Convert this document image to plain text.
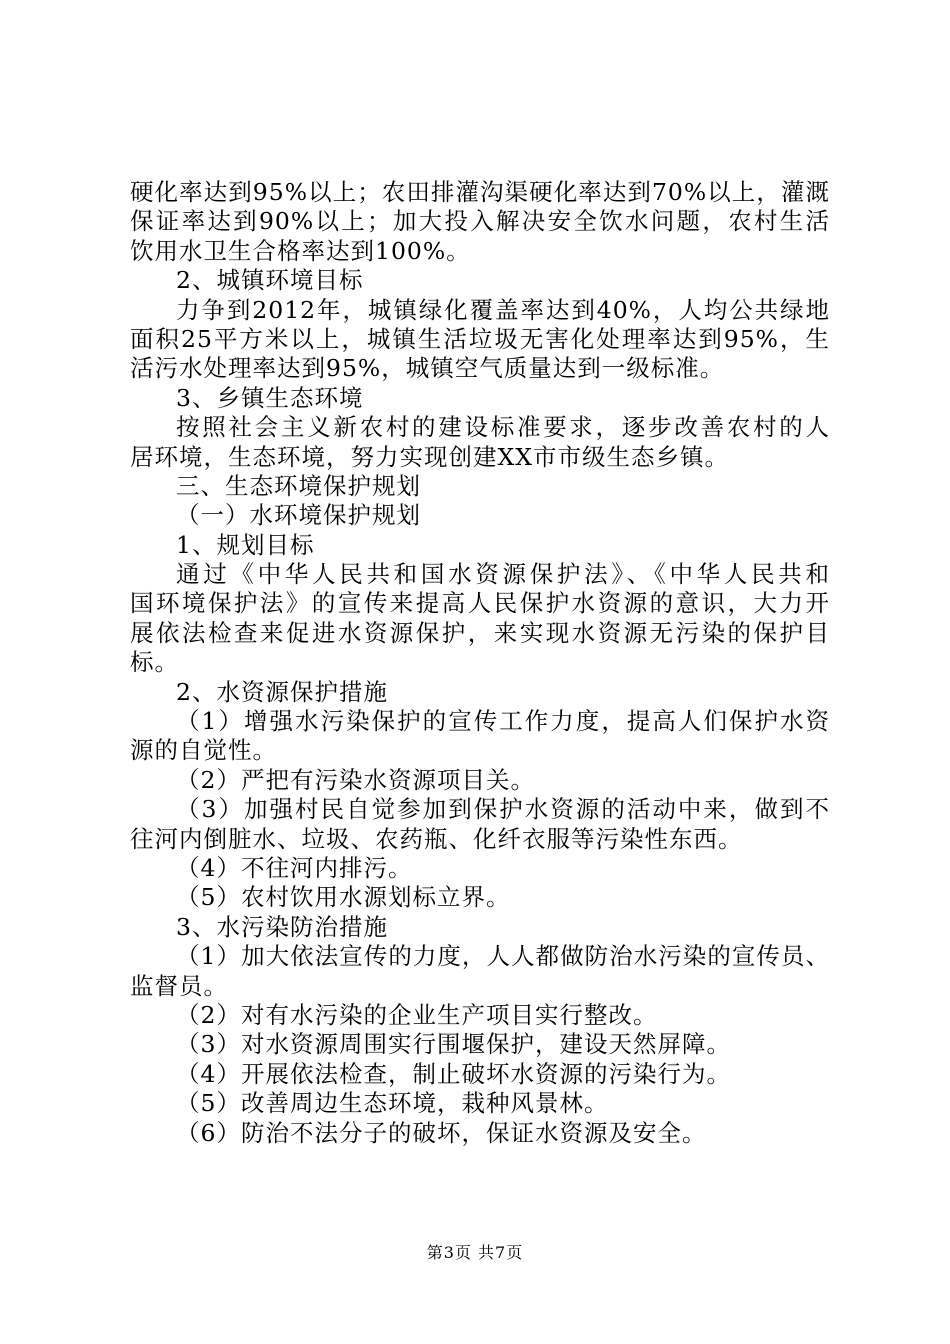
硬化率达到95%以上；农田排灌沟渠硬化率达到70%以上，灌溉
保证率达到90%以上；加大投入解决安全饮水问题，农村生活
饮用水卫生合格率达到100%。
2、城镇环境目标
力争到2012年，城镇绿化覆盖率达到40%，人均公共绿地
面积25平方米以上，城镇生活垃圾无害化处理率达到95%，生
活污水处理率达到95%，城镇空气质量达到一级标准。
3、乡镇生态环境
按照社会主义新农村的建设标准要求，逐步改善农村的人
居环境，生态环境，努力实现创建XX市市级生态乡镇。
三、生态环境保护规划
（一）水环境保护规划
1、规划目标
通过《中华人民共和国水资源保护法》、《中华人民共和
国环境保护法》的宣传来提高人民保护水资源的意识，大力开
展依法检查来促进水资源保护，来实现水资源无污染的保护目
标。
2、水资源保护措施
（1）增强水污染保护的宣传工作力度，提高人们保护水资
源的自觉性。
（2）严把有污染水资源项目关。
（3）加强村民自觉参加到保护水资源的活动中来，做到不
往河内倒脏水、垃圾、农药瓶、化纤衣服等污染性东西。
（4）不往河内排污。
（5）农村饮用水源划标立界。
3、水污染防治措施
（1）加大依法宣传的力度，人人都做防治水污染的宣传员、
监督员。
（2）对有水污染的企业生产项目实行整改。
（3）对水资源周围实行围堰保护，建设天然屏障。
（4）开展依法检查，制止破坏水资源的污染行为。
（5）改善周边生态环境，栽种风景林。
（6）防治不法分子的破坏，保证水资源及安全。
第3页 共7页
